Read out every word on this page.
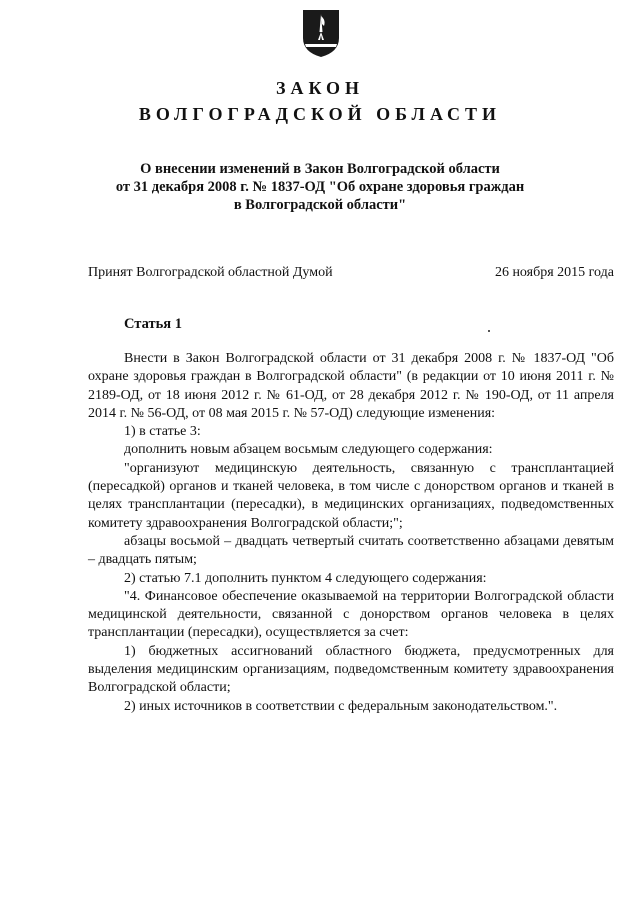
ЗАКОН
ВОЛГОГРАДСКОЙ ОБЛАСТИ
О внесении изменений в Закон Волгоградской области
от 31 декабря 2008 г. № 1837-ОД "Об охране здоровья граждан
в Волгоградской области"
Принят Волгоградской областной Думой	26 ноября 2015 года
Статья 1

Внести в Закон Волгоградской области от 31 декабря 2008 г. № 1837-ОД "Об охране здоровья граждан в Волгоградской области" (в редакции от 10 июня 2011 г. № 2189-ОД, от 18 июня 2012 г. № 61-ОД, от 28 декабря 2012 г. № 190-ОД, от 11 апреля 2014 г. № 56-ОД, от 08 мая 2015 г. № 57-ОД) следующие изменения:

1) в статье 3:

дополнить новым абзацем восьмым следующего содержания:

"организуют медицинскую деятельность, связанную с трансплантацией (пересадкой) органов и тканей человека, в том числе с донорством органов и тканей в целях трансплантации (пересадки), в медицинских организациях, подведомственных комитету здравоохранения Волгоградской области;";

абзацы восьмой – двадцать четвертый считать соответственно абзацами девятым – двадцать пятым;

2) статью 7.1 дополнить пунктом 4 следующего содержания:

"4. Финансовое обеспечение оказываемой на территории Волгоградской области медицинской деятельности, связанной с донорством органов человека в целях трансплантации (пересадки), осуществляется за счет:

1) бюджетных ассигнований областного бюджета, предусмотренных для выделения медицинским организациям, подведомственным комитету здравоохранения Волгоградской области;

2) иных источников в соответствии с федеральным законодательством.".
